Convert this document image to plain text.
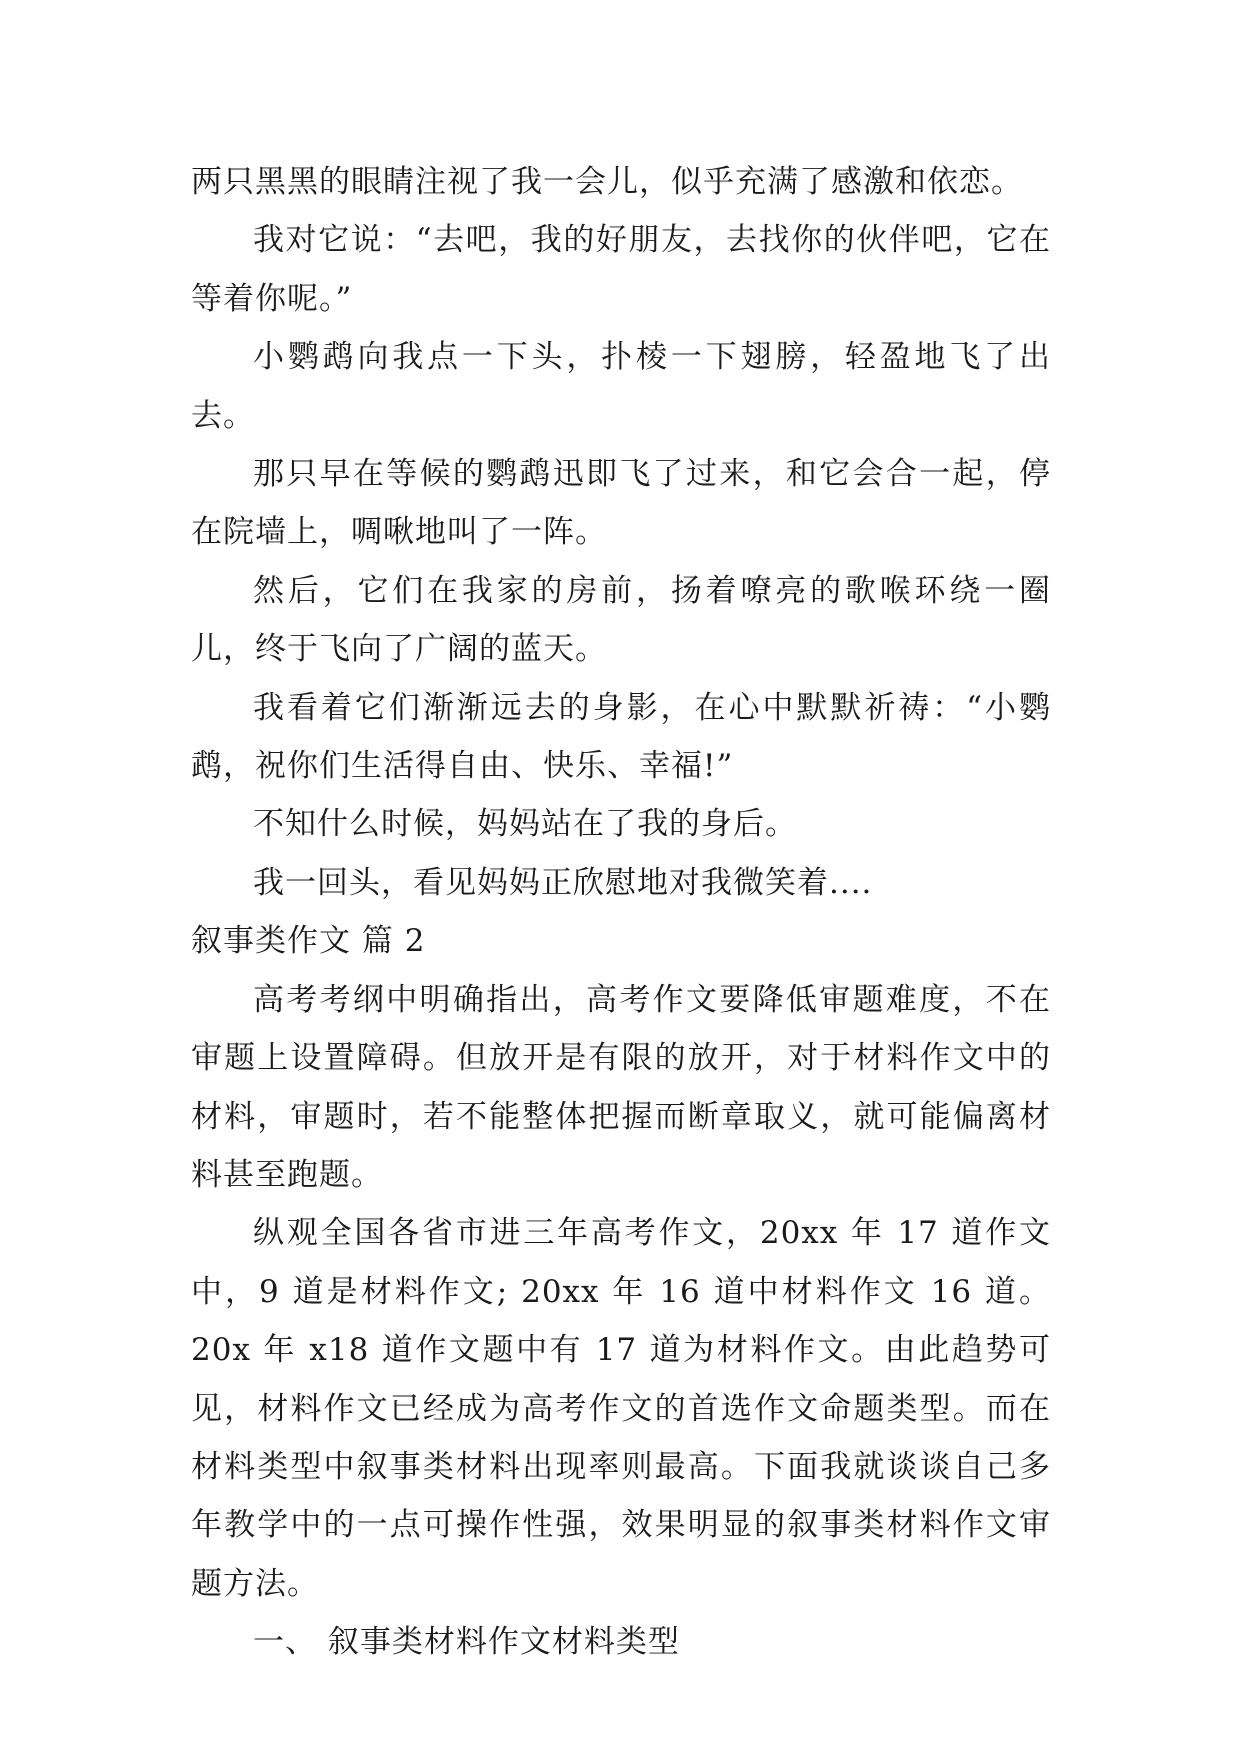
两只黑黑的眼睛注视了我一会儿，似乎充满了感激和依恋。

我对它说：“去吧，我的好朋友，去找你的伙伴吧，它在等着你呢。”

小鹦鹉向我点一下头，扑棱一下翅膀，轻盈地飞了出去。

那只早在等候的鹦鹉迅即飞了过来，和它会合一起，停在院墙上，啁啾地叫了一阵。

然后，它们在我家的房前，扬着嘹亮的歌喉环绕一圈儿，终于飞向了广阔的蓝天。

我看着它们渐渐远去的身影，在心中默默祈祷：“小鹦鹉，祝你们生活得自由、快乐、幸福!”

不知什么时候，妈妈站在了我的身后。

我一回头，看见妈妈正欣慰地对我微笑着....

叙事类作文 篇 2

高考考纲中明确指出，高考作文要降低审题难度，不在审题上设置障碍。但放开是有限的放开，对于材料作文中的材料，审题时，若不能整体把握而断章取义，就可能偏离材料甚至跑题。

纵观全国各省市进三年高考作文，20xx 年 17 道作文中，9 道是材料作文; 20xx 年 16 道中材料作文 16 道。20x 年 x18 道作文题中有 17 道为材料作文。由此趋势可见，材料作文已经成为高考作文的首选作文命题类型。而在材料类型中叙事类材料出现率则最高。下面我就谈谈自己多年教学中的一点可操作性强，效果明显的叙事类材料作文审题方法。

一、 叙事类材料作文材料类型
